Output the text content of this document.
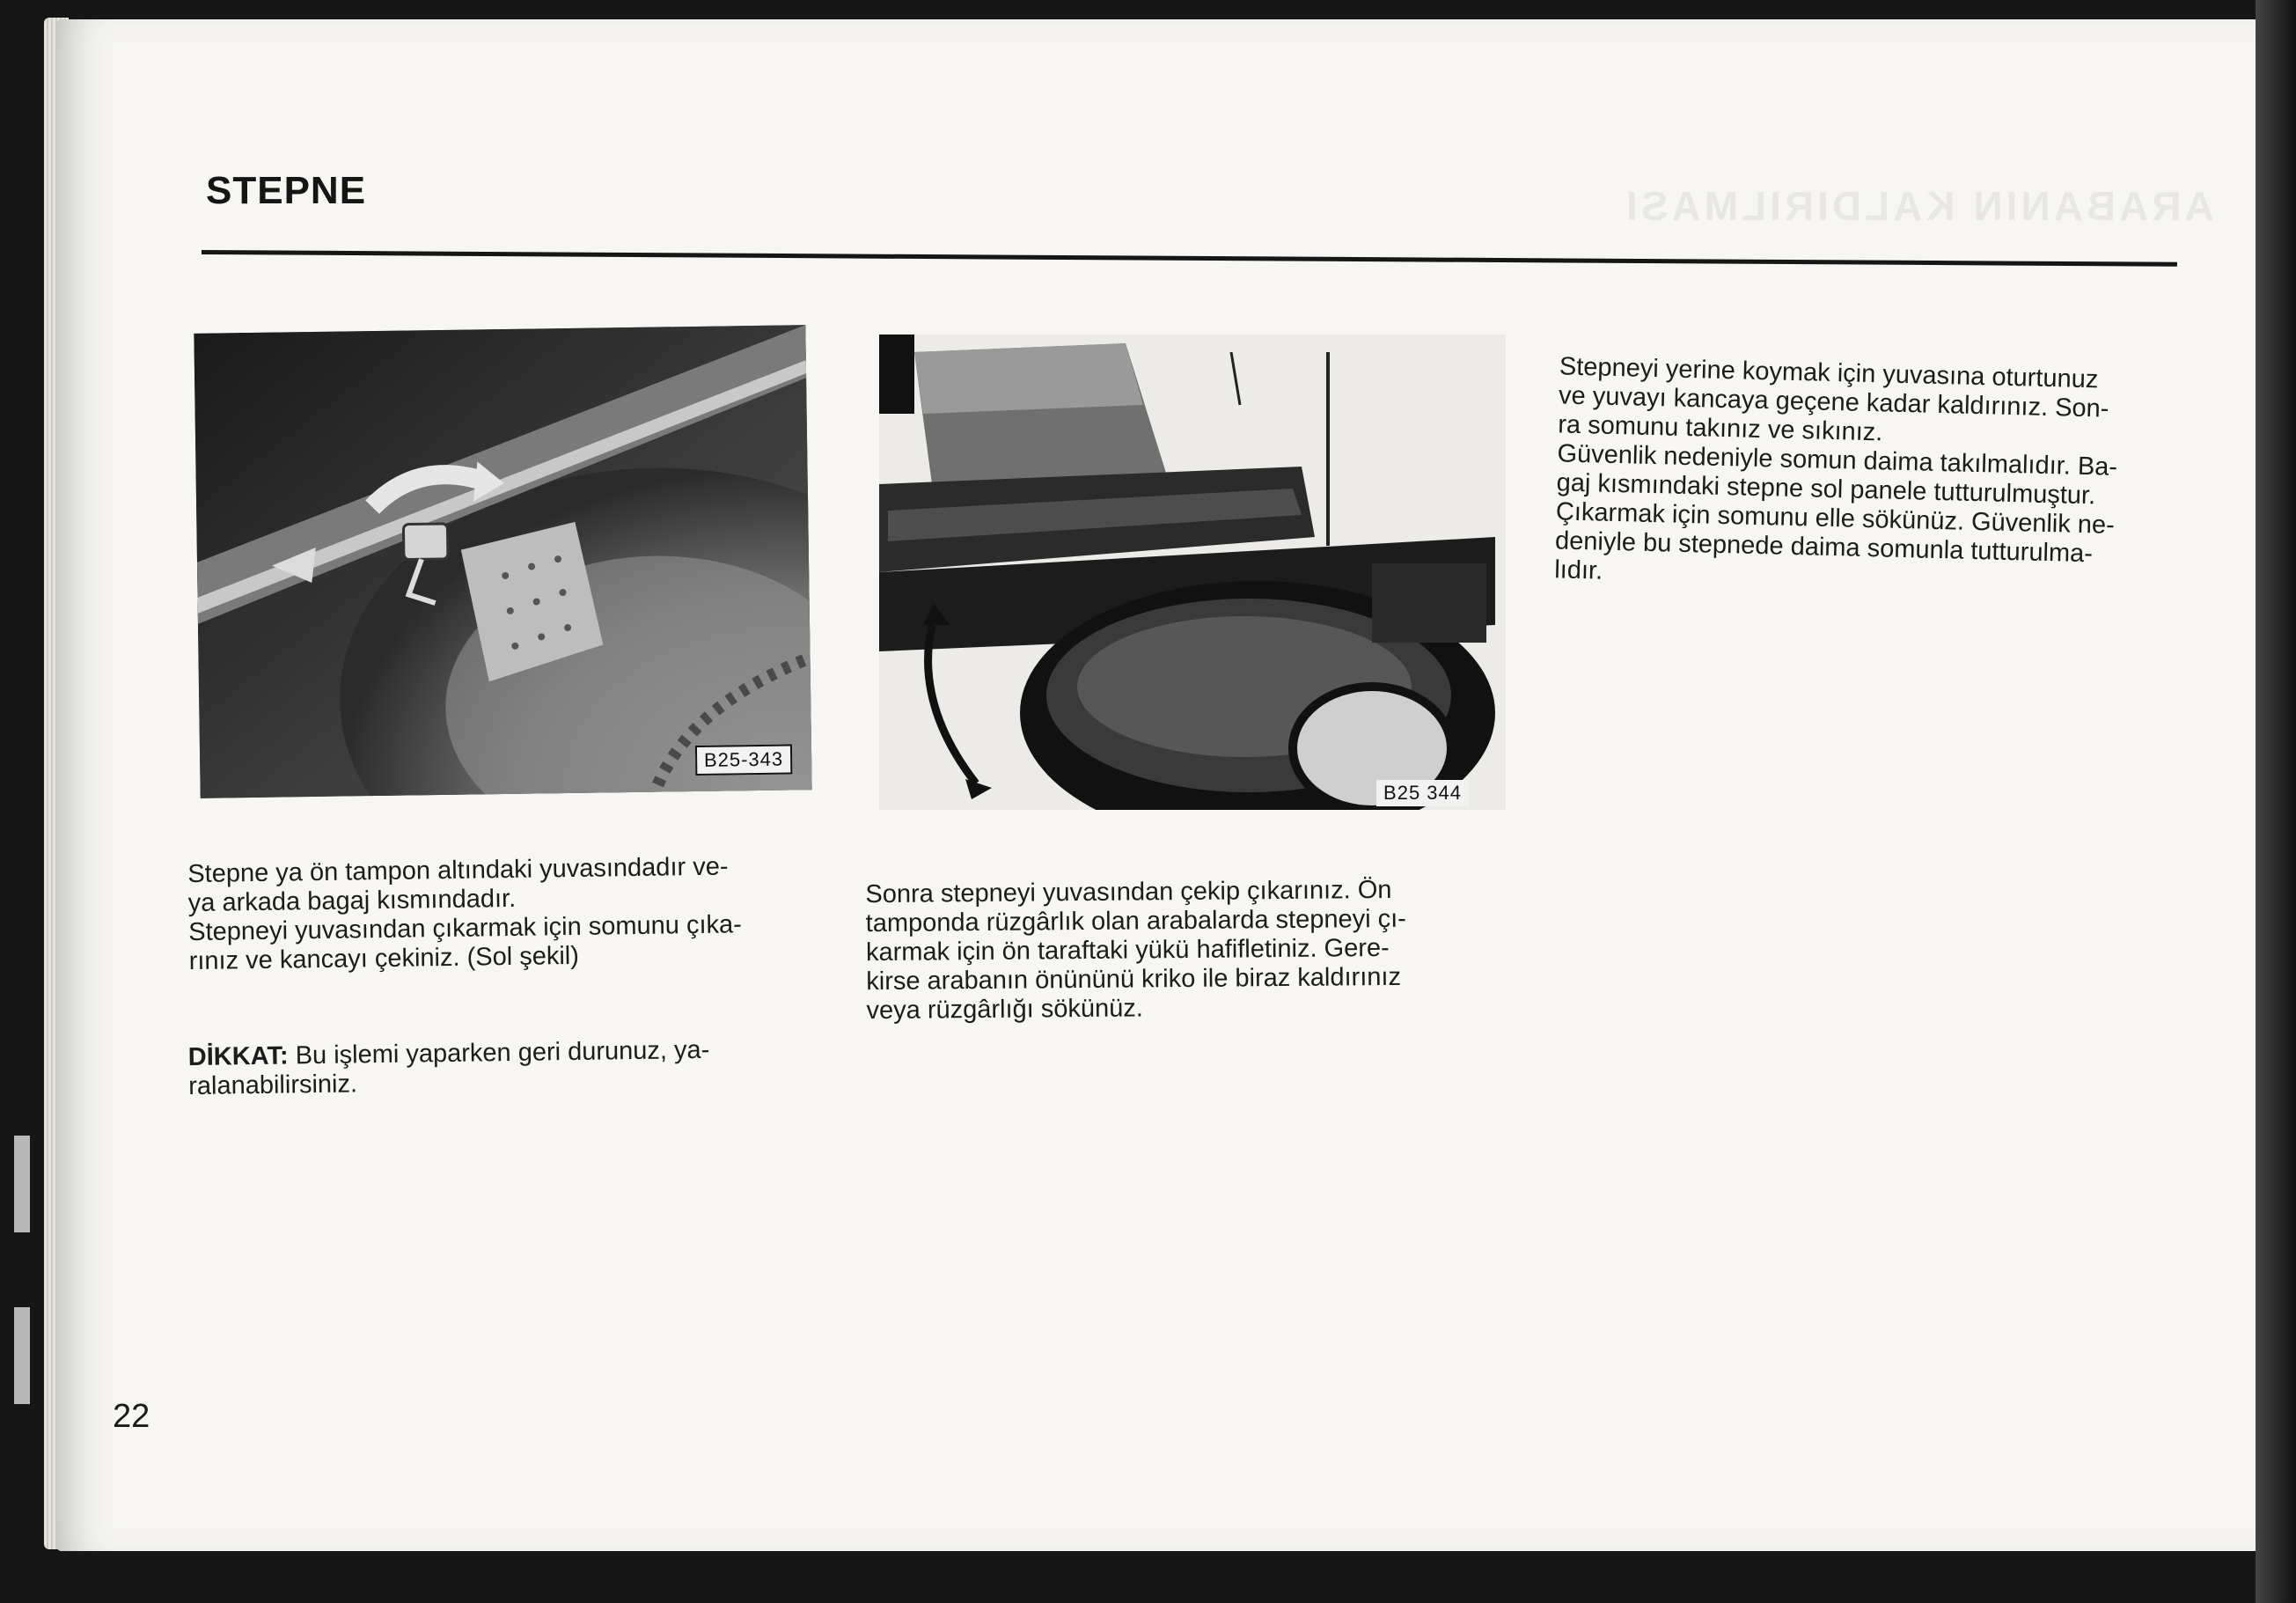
ARABANIN KALDIRILMASI
STEPNE
B25-343
B25 344
Stepne ya ön tampon altındaki yuvasındadır ve-
ya arkada bagaj kısmındadır.
Stepneyi yuvasından çıkarmak için somunu çıka-
rınız ve kancayı çekiniz. (Sol şekil)
DİKKAT: Bu işlemi yaparken geri durunuz, ya-
ralanabilirsiniz.
Sonra stepneyi yuvasından çekip çıkarınız. Ön
tamponda rüzgârlık olan arabalarda stepneyi çı-
karmak için ön taraftaki yükü hafifletiniz. Gere-
kirse arabanın önününü kriko ile biraz kaldırınız
veya rüzgârlığı sökünüz.
Stepneyi yerine koymak için yuvasına oturtunuz
ve yuvayı kancaya geçene kadar kaldırınız. Son-
ra somunu takınız ve sıkınız.
Güvenlik nedeniyle somun daima takılmalıdır. Ba-
gaj kısmındaki stepne sol panele tutturulmuştur.
Çıkarmak için somunu elle sökünüz. Güvenlik ne-
deniyle bu stepnede daima somunla tutturulma-
lıdır.
22
